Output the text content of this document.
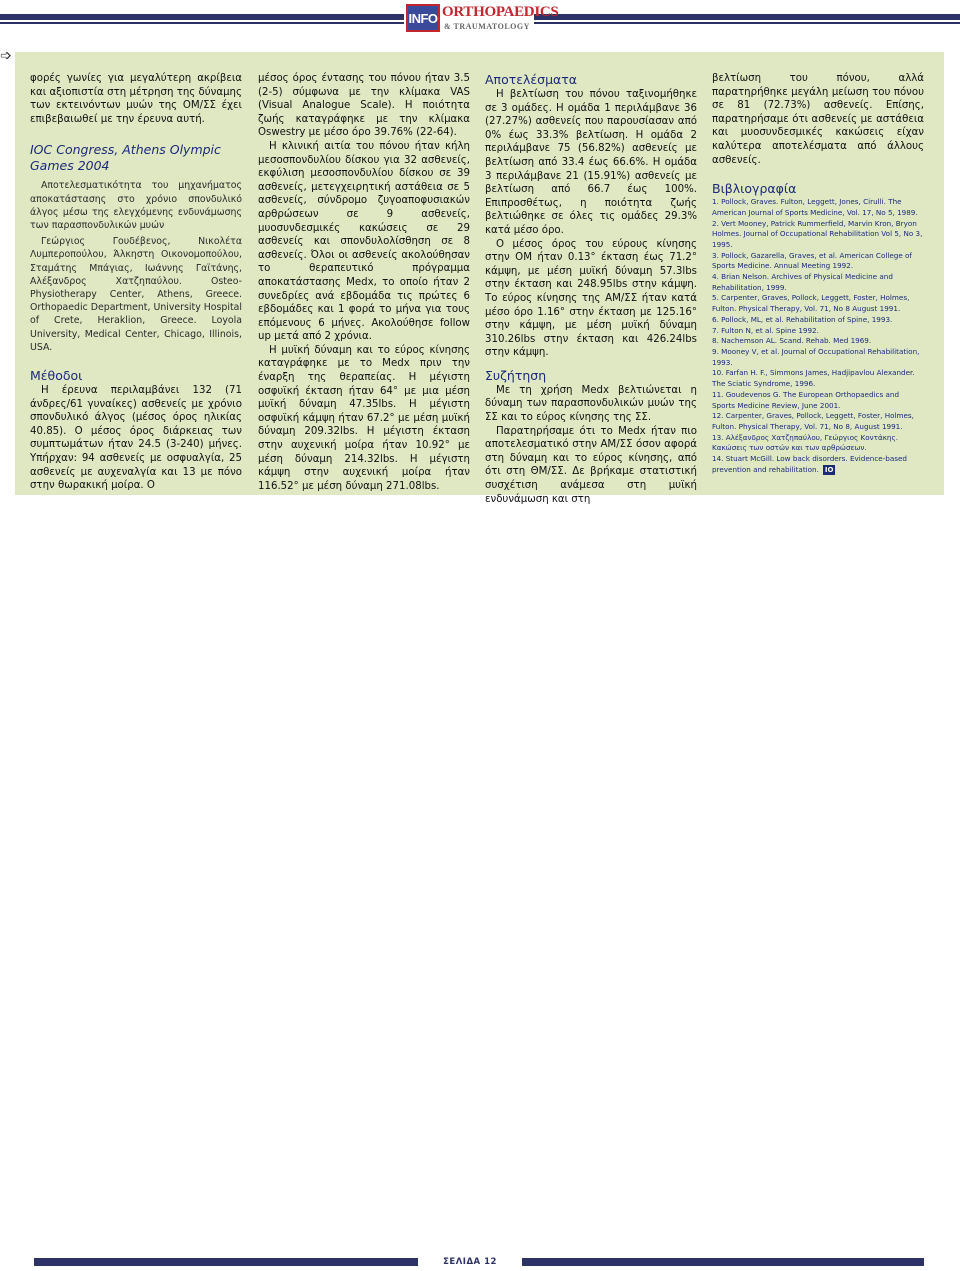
INFO ORTHOPAEDICS
& TRAUMATOLOGY
➩

φορές γωνίες για μεγαλύτερη ακρίβεια και αξιοπιστία στη μέτρηση της δύναμης των εκτεινόντων μυών της ΟΜ/ΣΣ έχει επιβεβαιωθεί με την έρευνα αυτή.

IOC Congress, Athens Olympic Games 2004

Αποτελεσματικότητα του μηχανήματος αποκατάστασης στο χρόνιο σπονδυλικό άλγος μέσω της ελεγχόμενης ενδυνάμωσης των παρασπονδυλικών μυών

Γεώργιος Γουδέβενος, Νικολέτα Λυμπεροπούλου, Άλκηστη Οικονομοπούλου, Σταμάτης Μπάγιας, Ιωάννης Γαϊτάνης, Αλέξανδρος Χατζηπαύλου. Osteo-Physiotherapy Center, Athens, Greece. Orthopaedic Department, University Hospital of Crete, Heraklion, Greece. Loyola University, Medical Center, Chicago, Illinois, USA.

Μέθοδοι

Η έρευνα περιλαμβάνει 132 (71 άνδρες/61 γυναίκες) ασθενείς με χρόνιο σπονδυλικό άλγος (μέσος όρος ηλικίας 40.85). Ο μέσος όρος διάρκειας των συμπτωμάτων ήταν 24.5 (3-240) μήνες. Υπήρχαν: 94 ασθενείς με οσφυαλγία, 25 ασθενείς με αυχεναλγία και 13 με πόνο στην θωρακική μοίρα. Ο

μέσος όρος έντασης του πόνου ήταν 3.5 (2-5) σύμφωνα με την κλίμακα VAS (Visual Analogue Scale). Η ποιότητα ζωής καταγράφηκε με την κλίμακα Oswestry με μέσο όρο 39.76% (22-64).

Η κλινική αιτία του πόνου ήταν κήλη μεσοσπονδυλίου δίσκου για 32 ασθενείς, εκφύλιση μεσοσπονδυλίου δίσκου σε 39 ασθενείς, μετεγχειρητική αστάθεια σε 5 ασθενείς, σύνδρομο ζυγοαποφυσιακών αρθρώσεων σε 9 ασθενείς, μυοσυνδεσμικές κακώσεις σε 29 ασθενείς και σπονδυλολίσθηση σε 8 ασθενείς. Όλοι οι ασθενείς ακολούθησαν το θεραπευτικό πρόγραμμα αποκατάστασης Medx, το οποίο ήταν 2 συνεδρίες ανά εβδομάδα τις πρώτες 6 εβδομάδες και 1 φορά το μήνα για τους επόμενους 6 μήνες. Ακολούθησε follow up μετά από 2 χρόνια.

Η μυϊκή δύναμη και το εύρος κίνησης καταγράφηκε με το Medx πριν την έναρξη της θεραπείας. Η μέγιστη οσφυϊκή έκταση ήταν 64° με μια μέση μυϊκή δύναμη 47.35lbs. Η μέγιστη οσφυϊκή κάμψη ήταν 67.2° με μέση μυϊκή δύναμη 209.32lbs. Η μέγιστη έκταση στην αυχενική μοίρα ήταν 10.92° με μέση δύναμη 214.32lbs. Η μέγιστη κάμψη στην αυχενική μοίρα ήταν 116.52° με μέση δύναμη 271.08lbs.

Αποτελέσματα

Η βελτίωση του πόνου ταξινομήθηκε σε 3 ομάδες. Η ομάδα 1 περιλάμβανε 36 (27.27%) ασθενείς που παρουσίασαν από 0% έως 33.3% βελτίωση. Η ομάδα 2 περιλάμβανε 75 (56.82%) ασθενείς με βελτίωση από 33.4 έως 66.6%. Η ομάδα 3 περιλάμβανε 21 (15.91%) ασθενείς με βελτίωση από 66.7 έως 100%. Επιπροσθέτως, η ποιότητα ζωής βελτιώθηκε σε όλες τις ομάδες 29.3% κατά μέσο όρο.

Ο μέσος όρος του εύρους κίνησης στην ΟΜ ήταν 0.13° έκταση έως 71.2° κάμψη, με μέση μυϊκή δύναμη 57.3lbs στην έκταση και 248.95lbs στην κάμψη. Το εύρος κίνησης της ΑΜ/ΣΣ ήταν κατά μέσο όρο 1.16° στην έκταση με 125.16° στην κάμψη, με μέση μυϊκή δύναμη 310.26lbs στην έκταση και 426.24lbs στην κάμψη.

Συζήτηση

Με τη χρήση Medx βελτιώνεται η δύναμη των παρασπονδυλικών μυών της ΣΣ και το εύρος κίνησης της ΣΣ.

Παρατηρήσαμε ότι το Medx ήταν πιο αποτελεσματικό στην ΑΜ/ΣΣ όσον αφορά στη δύναμη και το εύρος κίνησης, από ότι στη ΘΜ/ΣΣ. Δε βρήκαμε στατιστική συσχέτιση ανάμεσα στη μυϊκή ενδυνάμωση και στη

βελτίωση του πόνου, αλλά παρατηρήθηκε μεγάλη μείωση του πόνου σε 81 (72.73%) ασθενείς. Επίσης, παρατηρήσαμε ότι ασθενείς με αστάθεια και μυοσυνδεσμικές κακώσεις είχαν καλύτερα αποτελέσματα από άλλους ασθενείς.

Βιβλιογραφία
1. Pollock, Graves. Fulton, Leggett, Jones, Cirulli. The American Journal of Sports Medicine, Vol. 17, No 5, 1989.
2. Vert Mooney, Patrick Rummerfield, Marvin Kron, Bryon Holmes. Journal of Occupational Rehabilitation Vol 5, No 3, 1995.
3. Pollock, Gazarella, Graves, et al. American College of Sports Medicine. Annual Meeting 1992.
4. Brian Nelson. Archives of Physical Medicine and Rehabilitation, 1999.
5. Carpenter, Graves, Pollock, Leggett, Foster, Holmes, Fulton. Physical Therapy, Vol. 71, No 8 August 1991.
6. Pollock, ML, et al. Rehabilitation of Spine, 1993.
7. Fulton N, et al. Spine 1992.
8. Nachemson AL. Scand. Rehab. Med 1969.
9. Mooney V, et al. Journal of Occupational Rehabilitation, 1993.
10. Farfan H. F., Simmons James, Hadjipavlou Alexander. The Sciatic Syndrome, 1996.
11. Goudevenos G. The European Orthopaedics and Sports Medicine Review, June 2001.
12. Carpenter, Graves, Pollock, Leggett, Foster, Holmes, Fulton. Physical Therapy, Vol. 71, No 8, August 1991.
13. Αλέξανδρος Χατζηπαύλου, Γεώργιος Κοντάκης. Κακώσεις των οστών και των αρθρώσεων.
14. Stuart McGill. Low back disorders. Evidence-based prevention and rehabilitation. IO
ΣΕΛΙΔΑ 12
